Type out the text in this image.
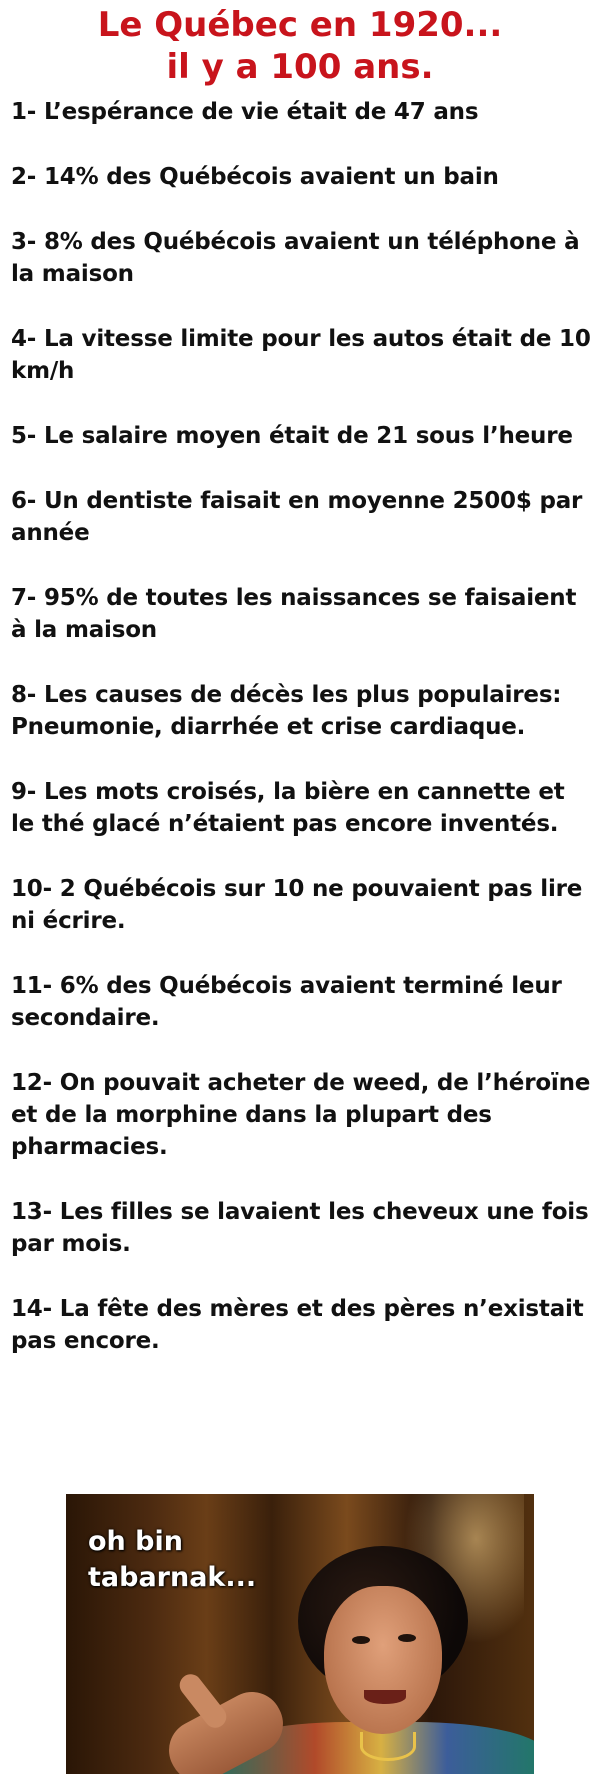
Le Québec en 1920...
il y a 100 ans.
1- L’espérance de vie était de 47 ans
2- 14% des Québécois avaient un bain
3- 8% des Québécois avaient un téléphone à la maison
4- La vitesse limite pour les autos était de 10 km/h
5- Le salaire moyen était de 21 sous l’heure
6- Un dentiste faisait en moyenne 2500$ par année
7- 95% de toutes les naissances se faisaient à la maison
8- Les causes de décès les plus populaires: Pneumonie, diarrhée et crise cardiaque.
9- Les mots croisés, la bière en cannette et le thé glacé n’étaient pas encore inventés.
10- 2 Québécois sur 10 ne pouvaient pas lire ni écrire.
11- 6% des Québécois avaient terminé leur secondaire.
12- On pouvait acheter de weed, de l’héroïne et de la morphine dans la plupart des pharmacies.
13- Les filles se lavaient les cheveux une fois par mois.
14- La fête des mères et des pères n’existait pas encore.

oh bin
tabarnak...
